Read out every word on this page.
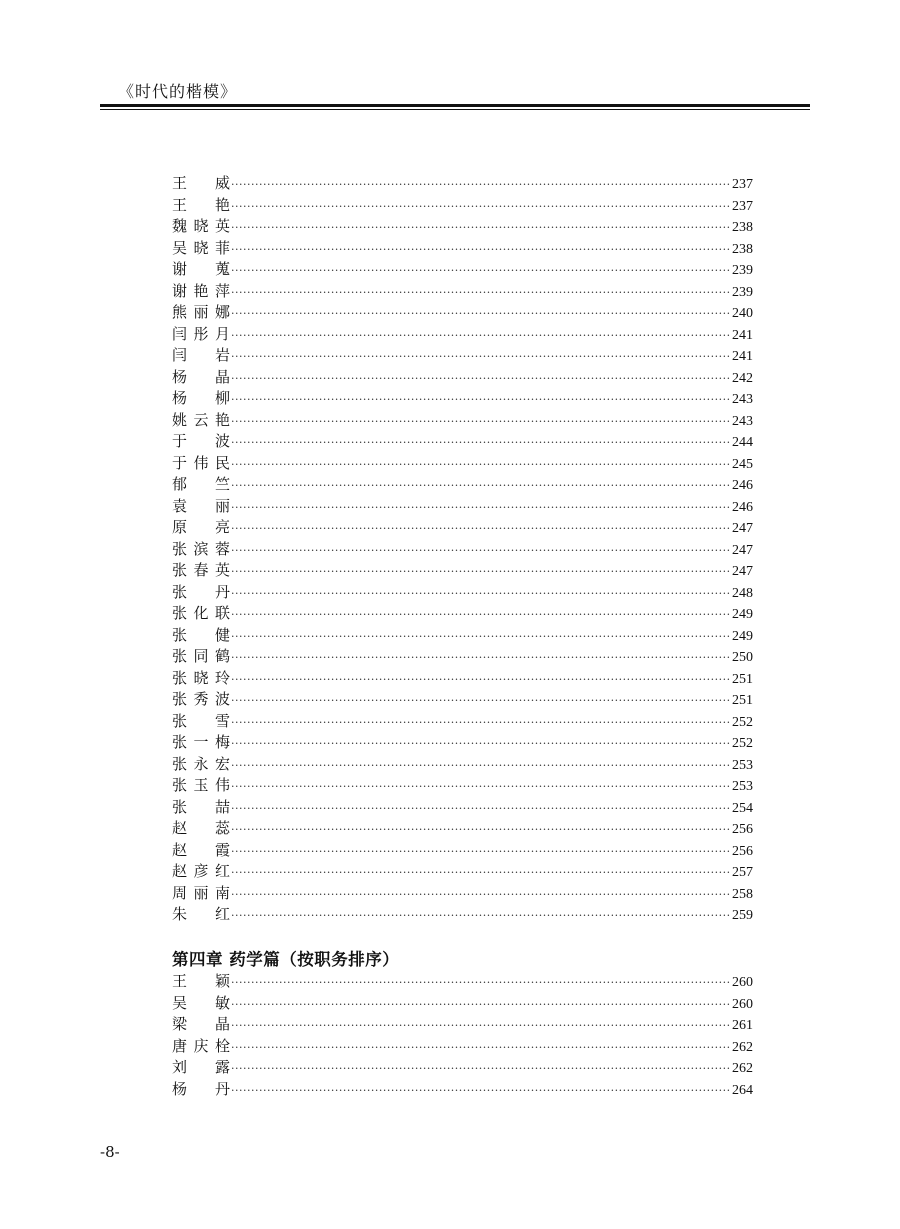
《时代的楷模》
王　威 ·····	237
王　艳 ·····	237
魏晓英 ·····	238
吴晓菲 ·····	238
谢　蒐 ·····	239
谢艳萍 ·····	239
熊丽娜 ·····	240
闫彤月 ·····	241
闫　岩 ·····	241
杨　晶 ·····	242
杨　柳 ·····	243
姚云艳 ·····	243
于　波 ·····	244
于伟民 ·····	245
郁　竺 ·····	246
袁　丽 ·····	246
原　亮 ·····	247
张滨蓉 ·····	247
张春英 ·····	247
张　丹 ·····	248
张化联 ·····	249
张　健 ·····	249
张同鹤 ·····	250
张晓玲 ·····	251
张秀波 ·····	251
张　雪 ·····	252
张一梅 ·····	252
张永宏 ·····	253
张玉伟 ·····	253
张　喆 ·····	254
赵　蕊 ·····	256
赵　霞 ·····	256
赵彦红 ·····	257
周丽南 ·····	258
朱　红 ·····	259
第四章 药学篇（按职务排序）
王　颖 ·····	260
吴　敏 ·····	260
梁　晶 ·····	261
唐庆栓 ·····	262
刘　露 ·····	262
杨　丹 ·····	264
-8-
